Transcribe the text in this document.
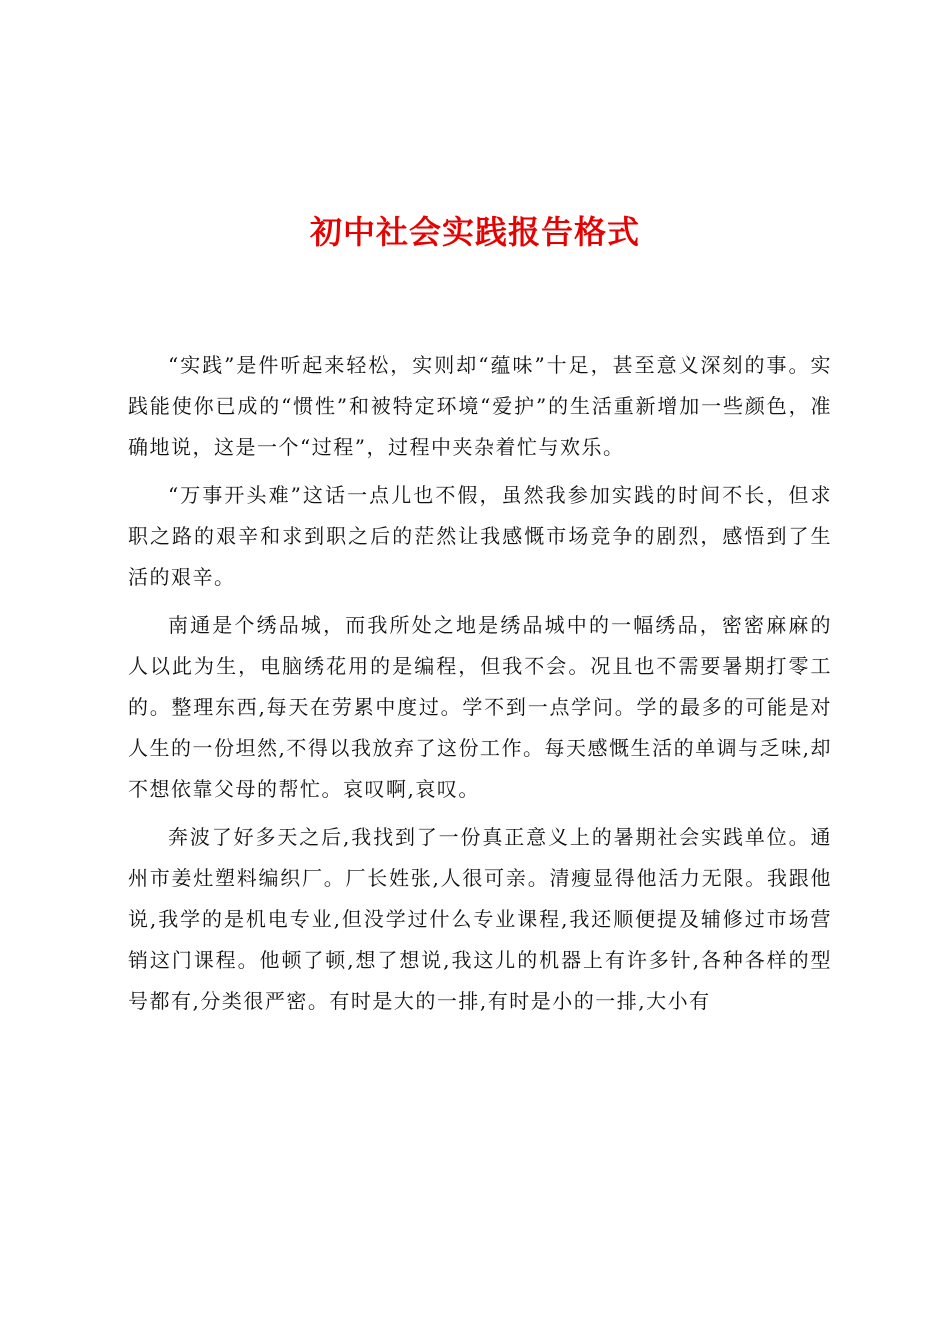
初中社会实践报告格式

“实践”是件听起来轻松，实则却“蕴味”十足，甚至意义深刻的事。实践能使你已成的“惯性”和被特定环境“爱护”的生活重新增加一些颜色，准确地说，这是一个“过程”，过程中夹杂着忙与欢乐。

“万事开头难”这话一点儿也不假，虽然我参加实践的时间不长，但求职之路的艰辛和求到职之后的茫然让我感慨市场竞争的剧烈，感悟到了生活的艰辛。

南通是个绣品城，而我所处之地是绣品城中的一幅绣品，密密麻麻的人以此为生，电脑绣花用的是编程，但我不会。况且也不需要暑期打零工的。整理东西,每天在劳累中度过。学不到一点学问。学的最多的可能是对人生的一份坦然,不得以我放弃了这份工作。每天感慨生活的单调与乏味,却不想依靠父母的帮忙。哀叹啊,哀叹。

奔波了好多天之后,我找到了一份真正意义上的暑期社会实践单位。通州市姜灶塑料编织厂。厂长姓张,人很可亲。清瘦显得他活力无限。我跟他说,我学的是机电专业,但没学过什么专业课程,我还顺便提及辅修过市场营销这门课程。他顿了顿,想了想说,我这儿的机器上有许多针,各种各样的型号都有,分类很严密。有时是大的一排,有时是小的一排,大小有
